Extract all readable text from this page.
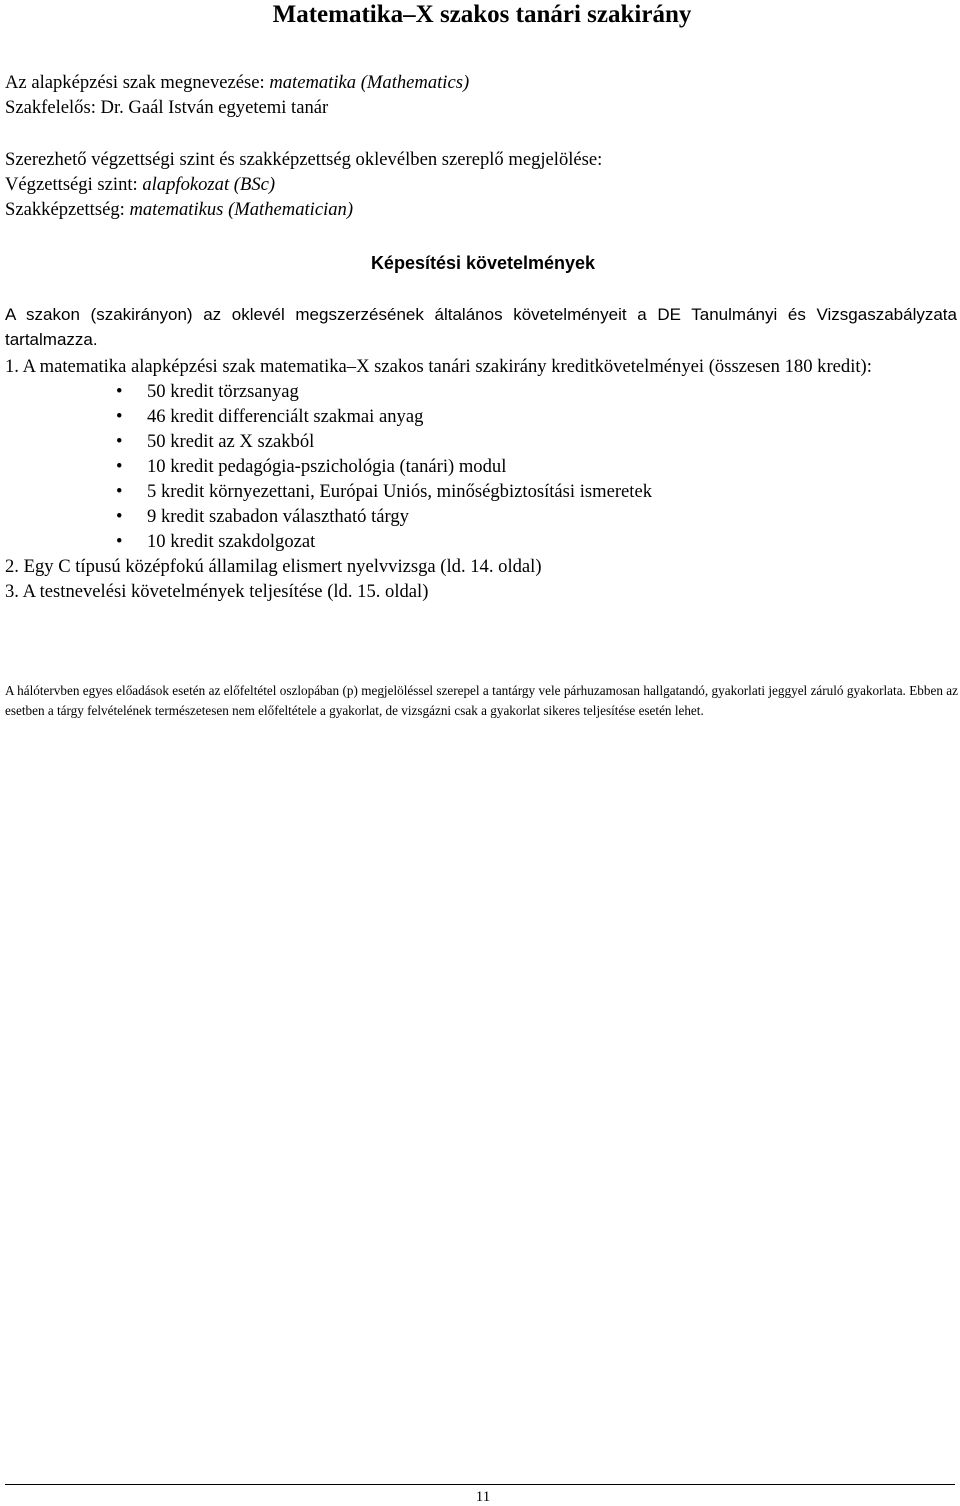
Matematika–X szakos tanári szakirány

Az alapképzési szak megnevezése: matematika (Mathematics)

Szakfelelős: Dr. Gaál István egyetemi tanár

Szerezhető végzettségi szint és szakképzettség oklevélben szereplő megjelölése:

Végzettségi szint: alapfokozat (BSc)

Szakképzettség: matematikus (Mathematician)

Képesítési követelmények

A szakon (szakirányon) az oklevél megszerzésének általános követelményeit a DE Tanulmányi és Vizsgaszabályzata tartalmazza.

1. A matematika alapképzési szak matematika–X szakos tanári szakirány kreditkövetelményei (összesen 180 kredit):

• 50 kredit törzsanyag
• 46 kredit differenciált szakmai anyag
• 50 kredit az X szakból
• 10 kredit pedagógia-pszichológia (tanári) modul
• 5 kredit környezettani, Európai Uniós, minőségbiztosítási ismeretek
• 9 kredit szabadon választható tárgy
• 10 kredit szakdolgozat

2. Egy C típusú középfokú államilag elismert nyelvvizsga (ld. 14. oldal)

3. A testnevelési követelmények teljesítése (ld. 15. oldal)

A hálótervben egyes előadások esetén az előfeltétel oszlopában (p) megjelöléssel szerepel a tantárgy vele párhuzamosan hallgatandó, gyakorlati jeggyel záruló gyakorlata. Ebben az esetben a tárgy felvételének természetesen nem előfeltétele a gyakorlat, de vizsgázni csak a gyakorlat sikeres teljesítése esetén lehet.
11
